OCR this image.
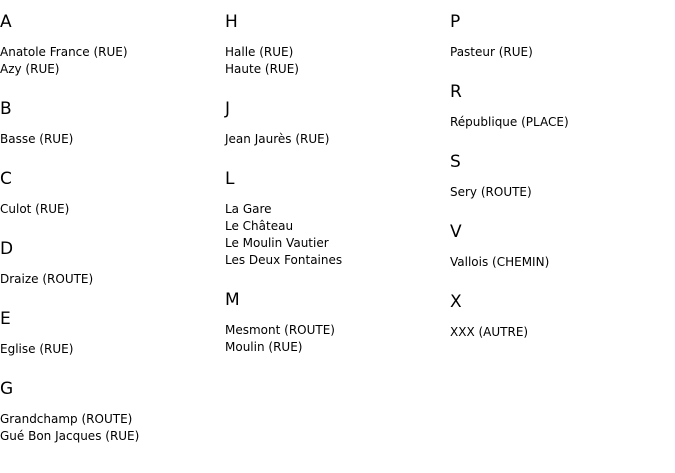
A
Anatole France (RUE)
Azy (RUE)
B
Basse (RUE)
C
Culot (RUE)
D
Draize (ROUTE)
E
Eglise (RUE)
G
Grandchamp (ROUTE)
Gué Bon Jacques (RUE)
H
Halle (RUE)
Haute (RUE)
J
Jean Jaurès (RUE)
L
La Gare
Le Château
Le Moulin Vautier
Les Deux Fontaines
M
Mesmont (ROUTE)
Moulin (RUE)
P
Pasteur (RUE)
R
République (PLACE)
S
Sery (ROUTE)
V
Vallois (CHEMIN)
X
XXX (AUTRE)
